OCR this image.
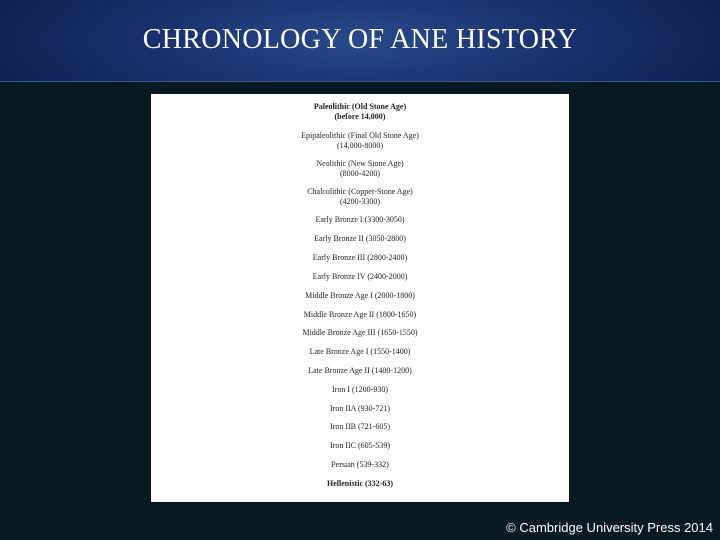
CHRONOLOGY OF ANE HISTORY

Paleolithic (Old Stone Age)

(before 14,000)

Epipaleolithic (Final Old Stone Age)

(14,000-8000)

Neolithic (New Stone Age)

(8000-4200)

Chalcolithic (Copper-Stone Age)

(4200-3300)

Early Bronze I (3300-3050)

Early Bronze II (3050-2800)

Early Bronze III (2800-2400)

Early Bronze IV (2400-2000)

Middle Bronze Age I (2000-1800)

Middle Bronze Age II (1800-1650)

Middle Bronze Age III (1650-1550)

Late Bronze Age I (1550-1400)

Late Bronze Age II (1400-1200)

Iron I (1200-930)

Iron IIA (930-721)

Iron IIB (721-605)

Iron IIC (605-539)

Persian (539-332)

Hellenistic (332-63)

© Cambridge University Press 2014
